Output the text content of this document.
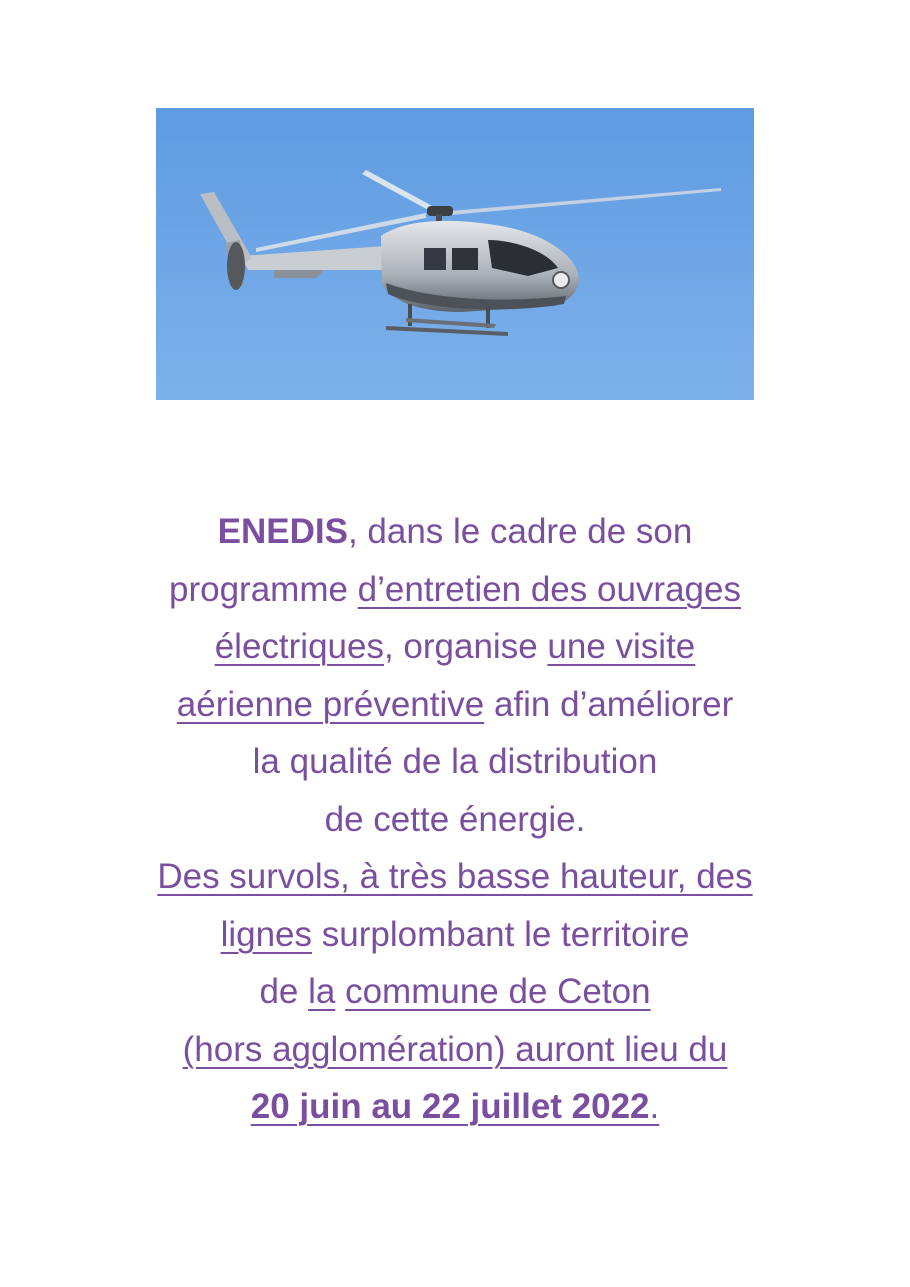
ENEDIS, dans le cadre de son
programme d’entretien des ouvrages
électriques, organise une visite
aérienne préventive afin d’améliorer
la qualité de la distribution
de cette énergie.
Des survols, à très basse hauteur, des
lignes surplombant le territoire
de la commune de Ceton
(hors agglomération) auront lieu du
20 juin au 22 juillet 2022.
